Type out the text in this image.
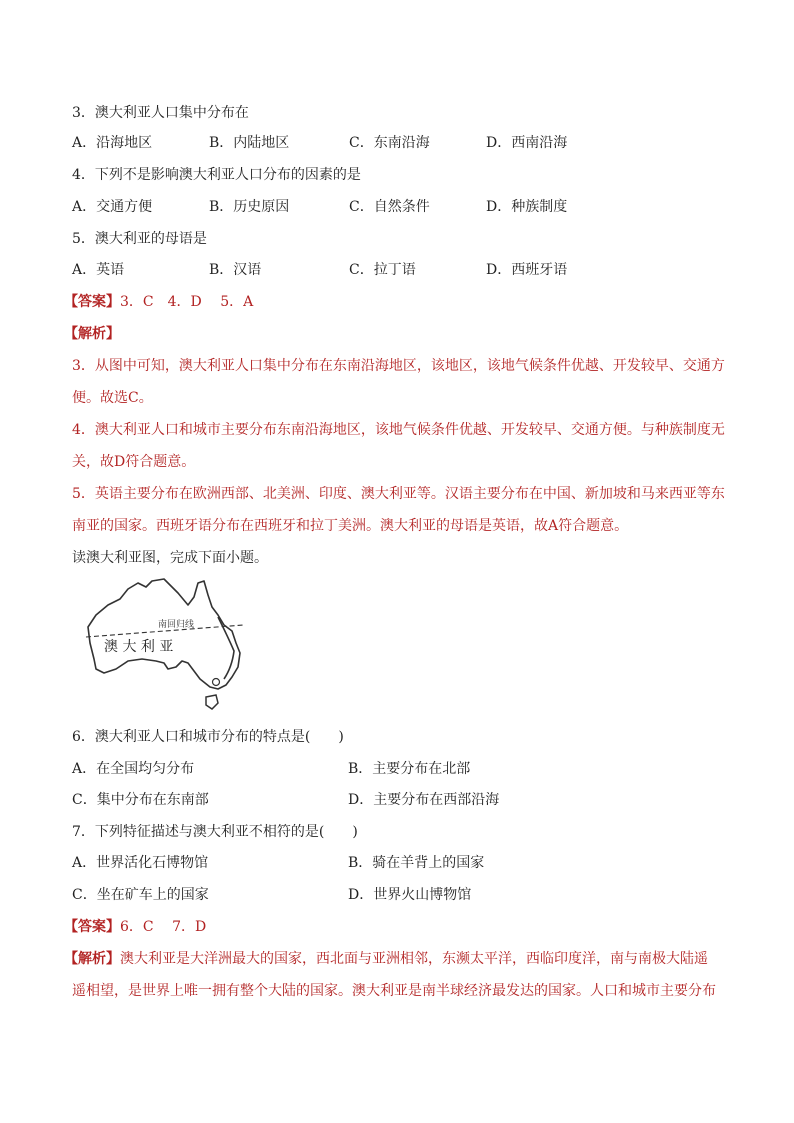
3．澳大利亚人口集中分布在
A．沿海地区	B．内陆地区	C．东南沿海	D．西南沿海
4．下列不是影响澳大利亚人口分布的因素的是
A．交通方便	B．历史原因	C．自然条件	D．种族制度
5．澳大利亚的母语是
A．英语	B．汉语	C．拉丁语	D．西班牙语
【答案】3．C　4．D　 5．A
【解析】
3．从图中可知，澳大利亚人口集中分布在东南沿海地区，该地区，该地气候条件优越、开发较早、交通方
便。故选C。
4．澳大利亚人口和城市主要分布东南沿海地区，该地气候条件优越、开发较早、交通方便。与种族制度无
关，故D符合题意。
5．英语主要分布在欧洲西部、北美洲、印度、澳大利亚等。汉语主要分布在中国、新加坡和马来西亚等东
南亚的国家。西班牙语分布在西班牙和拉丁美洲。澳大利亚的母语是英语，故A符合题意。
读澳大利亚图，完成下面小题。
南回归线
澳 大 利 亚
6．澳大利亚人口和城市分布的特点是(　　)
A．在全国均匀分布	B．主要分布在北部
C．集中分布在东南部	D．主要分布在西部沿海
7．下列特征描述与澳大利亚不相符的是(　　)
A．世界活化石博物馆	B．骑在羊背上的国家
C．坐在矿车上的国家	D．世界火山博物馆
【答案】6．C　 7．D
【解析】澳大利亚是大洋洲最大的国家，西北面与亚洲相邻，东濒太平洋，西临印度洋，南与南极大陆遥
遥相望，是世界上唯一拥有整个大陆的国家。澳大利亚是南半球经济最发达的国家。人口和城市主要分布
